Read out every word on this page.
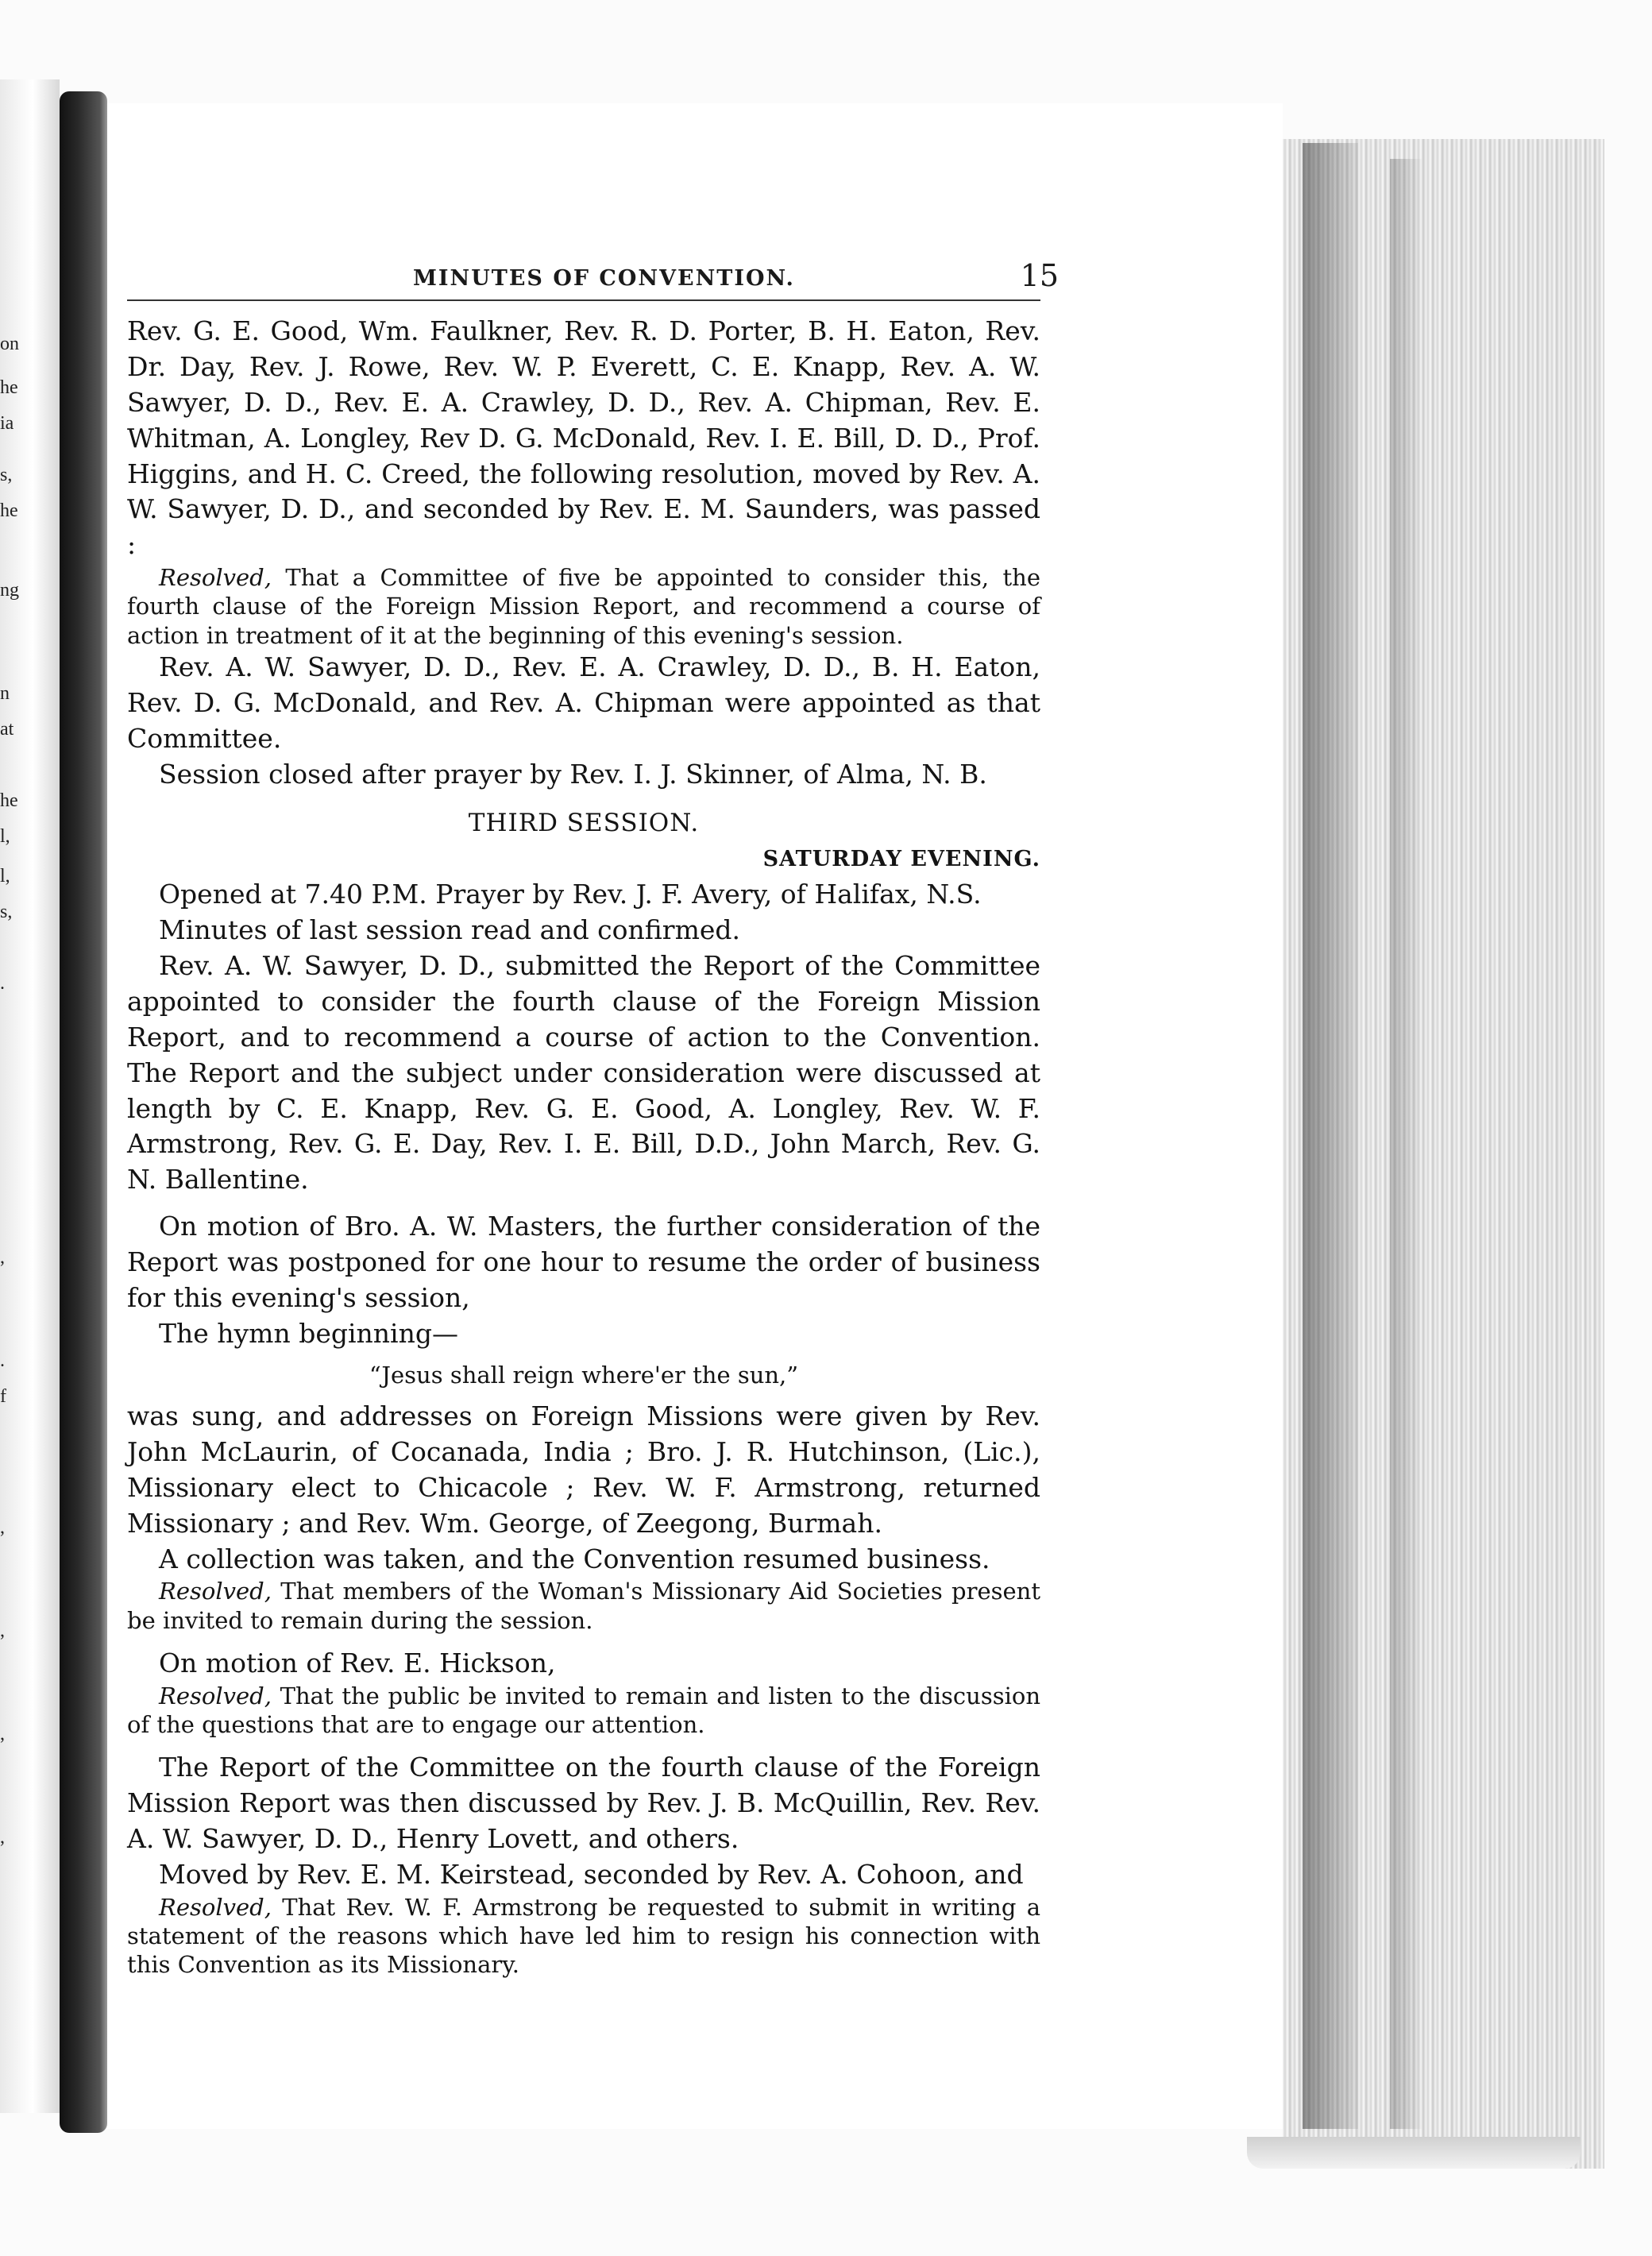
on
he
ia
s,
he
ng
n
at
he
l,
l,
s,
.
,
.
f
,
,
,
,
MINUTES OF CONVENTION.	15

Rev. G. E. Good, Wm. Faulkner, Rev. R. D. Porter, B. H. Eaton, Rev. Dr. Day, Rev. J. Rowe, Rev. W. P. Everett, C. E. Knapp, Rev. A. W. Sawyer, D. D., Rev. E. A. Crawley, D. D., Rev. A. Chipman, Rev. E. Whitman, A. Longley, Rev D. G. McDonald, Rev. I. E. Bill, D. D., Prof. Higgins, and H. C. Creed, the following resolution, moved by Rev. A. W. Sawyer, D. D., and seconded by Rev. E. M. Saunders, was passed :

Resolved, That a Committee of five be appointed to consider this, the fourth clause of the Foreign Mission Report, and recommend a course of action in treatment of it at the beginning of this evening's session.

Rev. A. W. Sawyer, D. D., Rev. E. A. Crawley, D. D., B. H. Eaton, Rev. D. G. McDonald, and Rev. A. Chipman were appointed as that Committee.

Session closed after prayer by Rev. I. J. Skinner, of Alma, N. B.

THIRD SESSION.

SATURDAY EVENING.

Opened at 7.40 P.M. Prayer by Rev. J. F. Avery, of Halifax, N.S.

Minutes of last session read and confirmed.

Rev. A. W. Sawyer, D. D., submitted the Report of the Committee appointed to consider the fourth clause of the Foreign Mission Report, and to recommend a course of action to the Convention. The Report and the subject under consideration were discussed at length by C. E. Knapp, Rev. G. E. Good, A. Longley, Rev. W. F. Armstrong, Rev. G. E. Day, Rev. I. E. Bill, D.D., John March, Rev. G. N. Ballentine.

On motion of Bro. A. W. Masters, the further consideration of the Report was postponed for one hour to resume the order of business for this evening's session,

The hymn beginning—

“Jesus shall reign where'er the sun,”

was sung, and addresses on Foreign Missions were given by Rev. John McLaurin, of Cocanada, India ; Bro. J. R. Hutchinson, (Lic.), Missionary elect to Chicacole ; Rev. W. F. Armstrong, returned Missionary ; and Rev. Wm. George, of Zeegong, Burmah.

A collection was taken, and the Convention resumed business.

Resolved, That members of the Woman's Missionary Aid Societies present be invited to remain during the session.

On motion of Rev. E. Hickson,

Resolved, That the public be invited to remain and listen to the discussion of the questions that are to engage our attention.

The Report of the Committee on the fourth clause of the Foreign Mission Report was then discussed by Rev. J. B. McQuillin, Rev. Rev. A. W. Sawyer, D. D., Henry Lovett, and others.

Moved by Rev. E. M. Keirstead, seconded by Rev. A. Cohoon, and

Resolved, That Rev. W. F. Armstrong be requested to submit in writing a statement of the reasons which have led him to resign his connection with this Convention as its Missionary.
